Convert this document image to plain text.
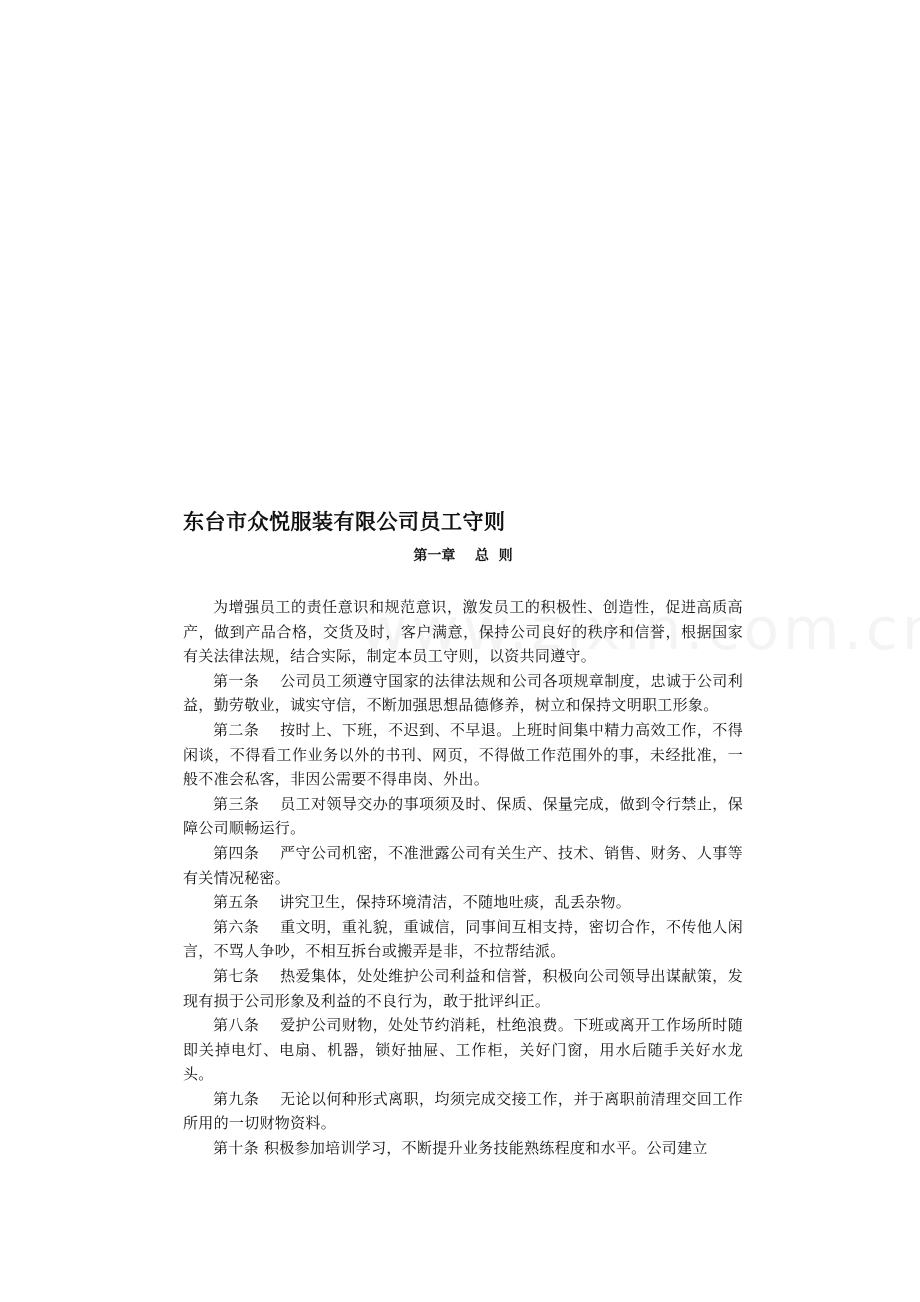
东台市众悦服装有限公司员工守则
第一章    总  则

为增强员工的责任意识和规范意识，激发员工的积极性、创造性，促进高质高产，做到产品合格，交货及时，客户满意，保持公司良好的秩序和信誉，根据国家有关法律法规，结合实际，制定本员工守则，以资共同遵守。

第一条 公司员工须遵守国家的法律法规和公司各项规章制度，忠诚于公司利益，勤劳敬业，诚实守信，不断加强思想品德修养，树立和保持文明职工形象。

第二条 按时上、下班，不迟到、不早退。上班时间集中精力高效工作，不得闲谈，不得看工作业务以外的书刊、网页，不得做工作范围外的事，未经批准，一般不准会私客，非因公需要不得串岗、外出。

第三条 员工对领导交办的事项须及时、保质、保量完成，做到令行禁止，保障公司顺畅运行。

第四条 严守公司机密，不准泄露公司有关生产、技术、销售、财务、人事等有关情况秘密。

第五条 讲究卫生，保持环境清洁，不随地吐痰，乱丢杂物。

第六条 重文明，重礼貌，重诚信，同事间互相支持，密切合作，不传他人闲言，不骂人争吵，不相互拆台或搬弄是非，不拉帮结派。

第七条 热爱集体，处处维护公司利益和信誉，积极向公司领导出谋献策，发现有损于公司形象及利益的不良行为，敢于批评纠正。

第八条 爱护公司财物，处处节约消耗，杜绝浪费。下班或离开工作场所时随即关掉电灯、电扇、机器，锁好抽屉、工作柜，关好门窗，用水后随手关好水龙头。

第九条 无论以何种形式离职，均须完成交接工作，并于离职前清理交回工作所用的一切财物资料。

第十条 积极参加培训学习，不断提升业务技能熟练程度和水平。公司建立
